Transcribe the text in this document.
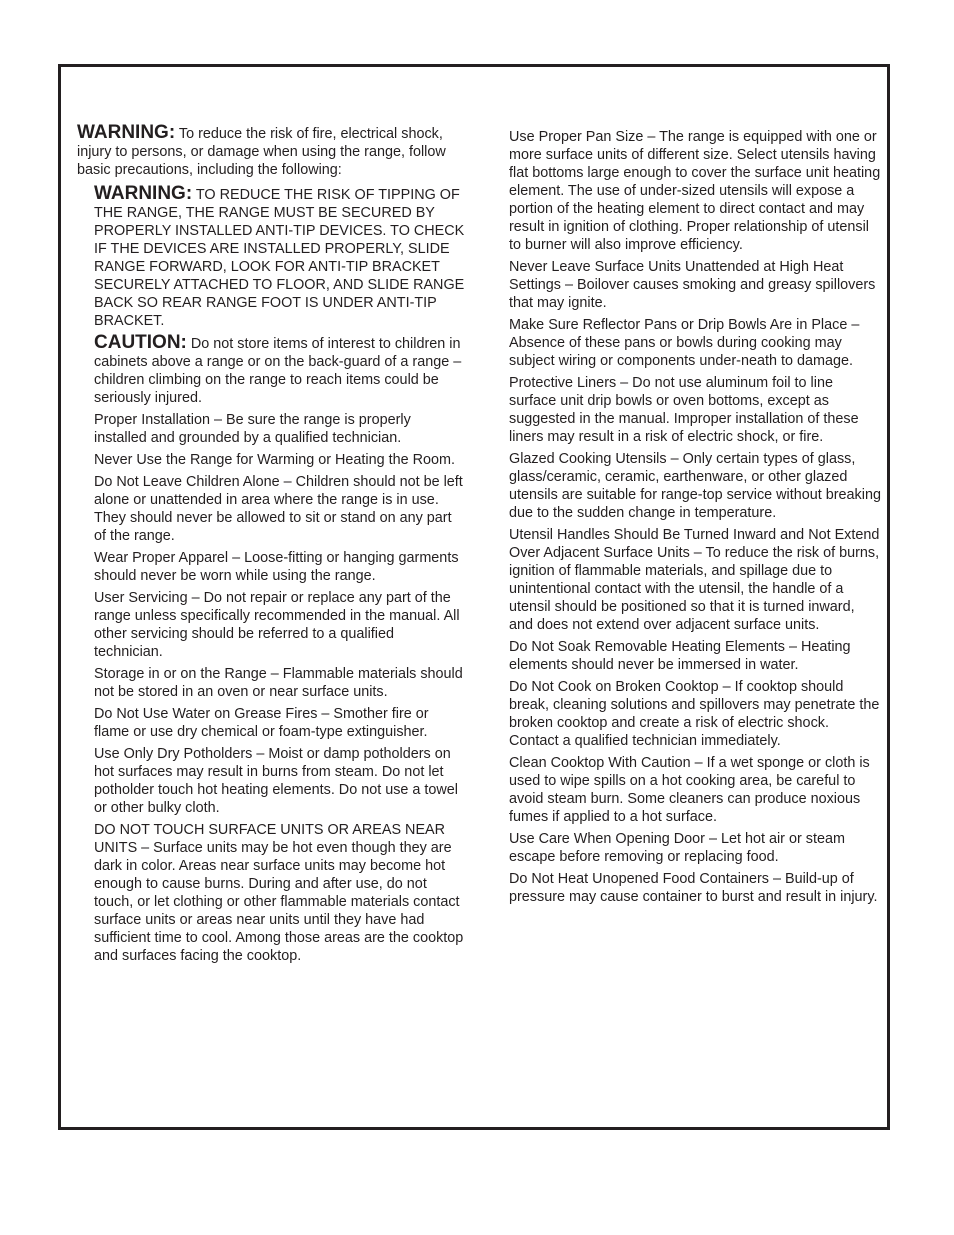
WARNING: To reduce the risk of fire, electrical shock, injury to persons, or damage when using the range, follow basic precautions, including the following:

WARNING: TO REDUCE THE RISK OF TIPPING OF THE RANGE, THE RANGE MUST BE SECURED BY PROPERLY INSTALLED ANTI-TIP DEVICES. TO CHECK IF THE DEVICES ARE INSTALLED PROPERLY, SLIDE RANGE FORWARD, LOOK FOR ANTI-TIP BRACKET SECURELY ATTACHED TO FLOOR, AND SLIDE RANGE BACK SO REAR RANGE FOOT IS UNDER ANTI-TIP BRACKET.

CAUTION: Do not store items of interest to children in cabinets above a range or on the back-guard of a range – children climbing on the range to reach items could be seriously injured.

Proper Installation – Be sure the range is properly installed and grounded by a qualified technician.

Never Use the Range for Warming or Heating the Room.

Do Not Leave Children Alone – Children should not be left alone or unattended in area where the range is in use. They should never be allowed to sit or stand on any part of the range.

Wear Proper Apparel – Loose-fitting or hanging garments should never be worn while using the range.

User Servicing – Do not repair or replace any part of the range unless specifically recommended in the manual. All other servicing should be referred to a qualified technician.

Storage in or on the Range – Flammable materials should not be stored in an oven or near surface units.

Do Not Use Water on Grease Fires – Smother fire or flame or use dry chemical or foam-type extinguisher.

Use Only Dry Potholders – Moist or damp potholders on hot surfaces may result in burns from steam. Do not let potholder touch hot heating elements. Do not use a towel or other bulky cloth.

DO NOT TOUCH SURFACE UNITS OR AREAS NEAR UNITS – Surface units may be hot even though they are dark in color. Areas near surface units may become hot enough to cause burns. During and after use, do not touch, or let clothing or other flammable materials contact surface units or areas near units until they have had sufficient time to cool. Among those areas are the cooktop and surfaces facing the cooktop.

Use Proper Pan Size – The range is equipped with one or more surface units of different size. Select utensils having flat bottoms large enough to cover the surface unit heating element. The use of under-sized utensils will expose a portion of the heating element to direct contact and may result in ignition of clothing. Proper relationship of utensil to burner will also improve efficiency.

Never Leave Surface Units Unattended at High Heat Settings – Boilover causes smoking and greasy spillovers that may ignite.

Make Sure Reflector Pans or Drip Bowls Are in Place – Absence of these pans or bowls during cooking may subject wiring or components under-neath to damage.

Protective Liners – Do not use aluminum foil to line surface unit drip bowls or oven bottoms, except as suggested in the manual. Improper installation of these liners may result in a risk of electric shock, or fire.

Glazed Cooking Utensils – Only certain types of glass, glass/ceramic, ceramic, earthenware, or other glazed utensils are suitable for range-top service without breaking due to the sudden change in temperature.

Utensil Handles Should Be Turned Inward and Not Extend Over Adjacent Surface Units – To reduce the risk of burns, ignition of flammable materials, and spillage due to unintentional contact with the utensil, the handle of a utensil should be positioned so that it is turned inward, and does not extend over adjacent surface units.

Do Not Soak Removable Heating Elements – Heating elements should never be immersed in water.

Do Not Cook on Broken Cooktop – If cooktop should break, cleaning solutions and spillovers may penetrate the broken cooktop and create a risk of electric shock. Contact a qualified technician immediately.

Clean Cooktop With Caution – If a wet sponge or cloth is used to wipe spills on a hot cooking area, be careful to avoid steam burn. Some cleaners can produce noxious fumes if applied to a hot surface.

Use Care When Opening Door – Let hot air or steam escape before removing or replacing food.

Do Not Heat Unopened Food Containers – Build-up of pressure may cause container to burst and result in injury.
